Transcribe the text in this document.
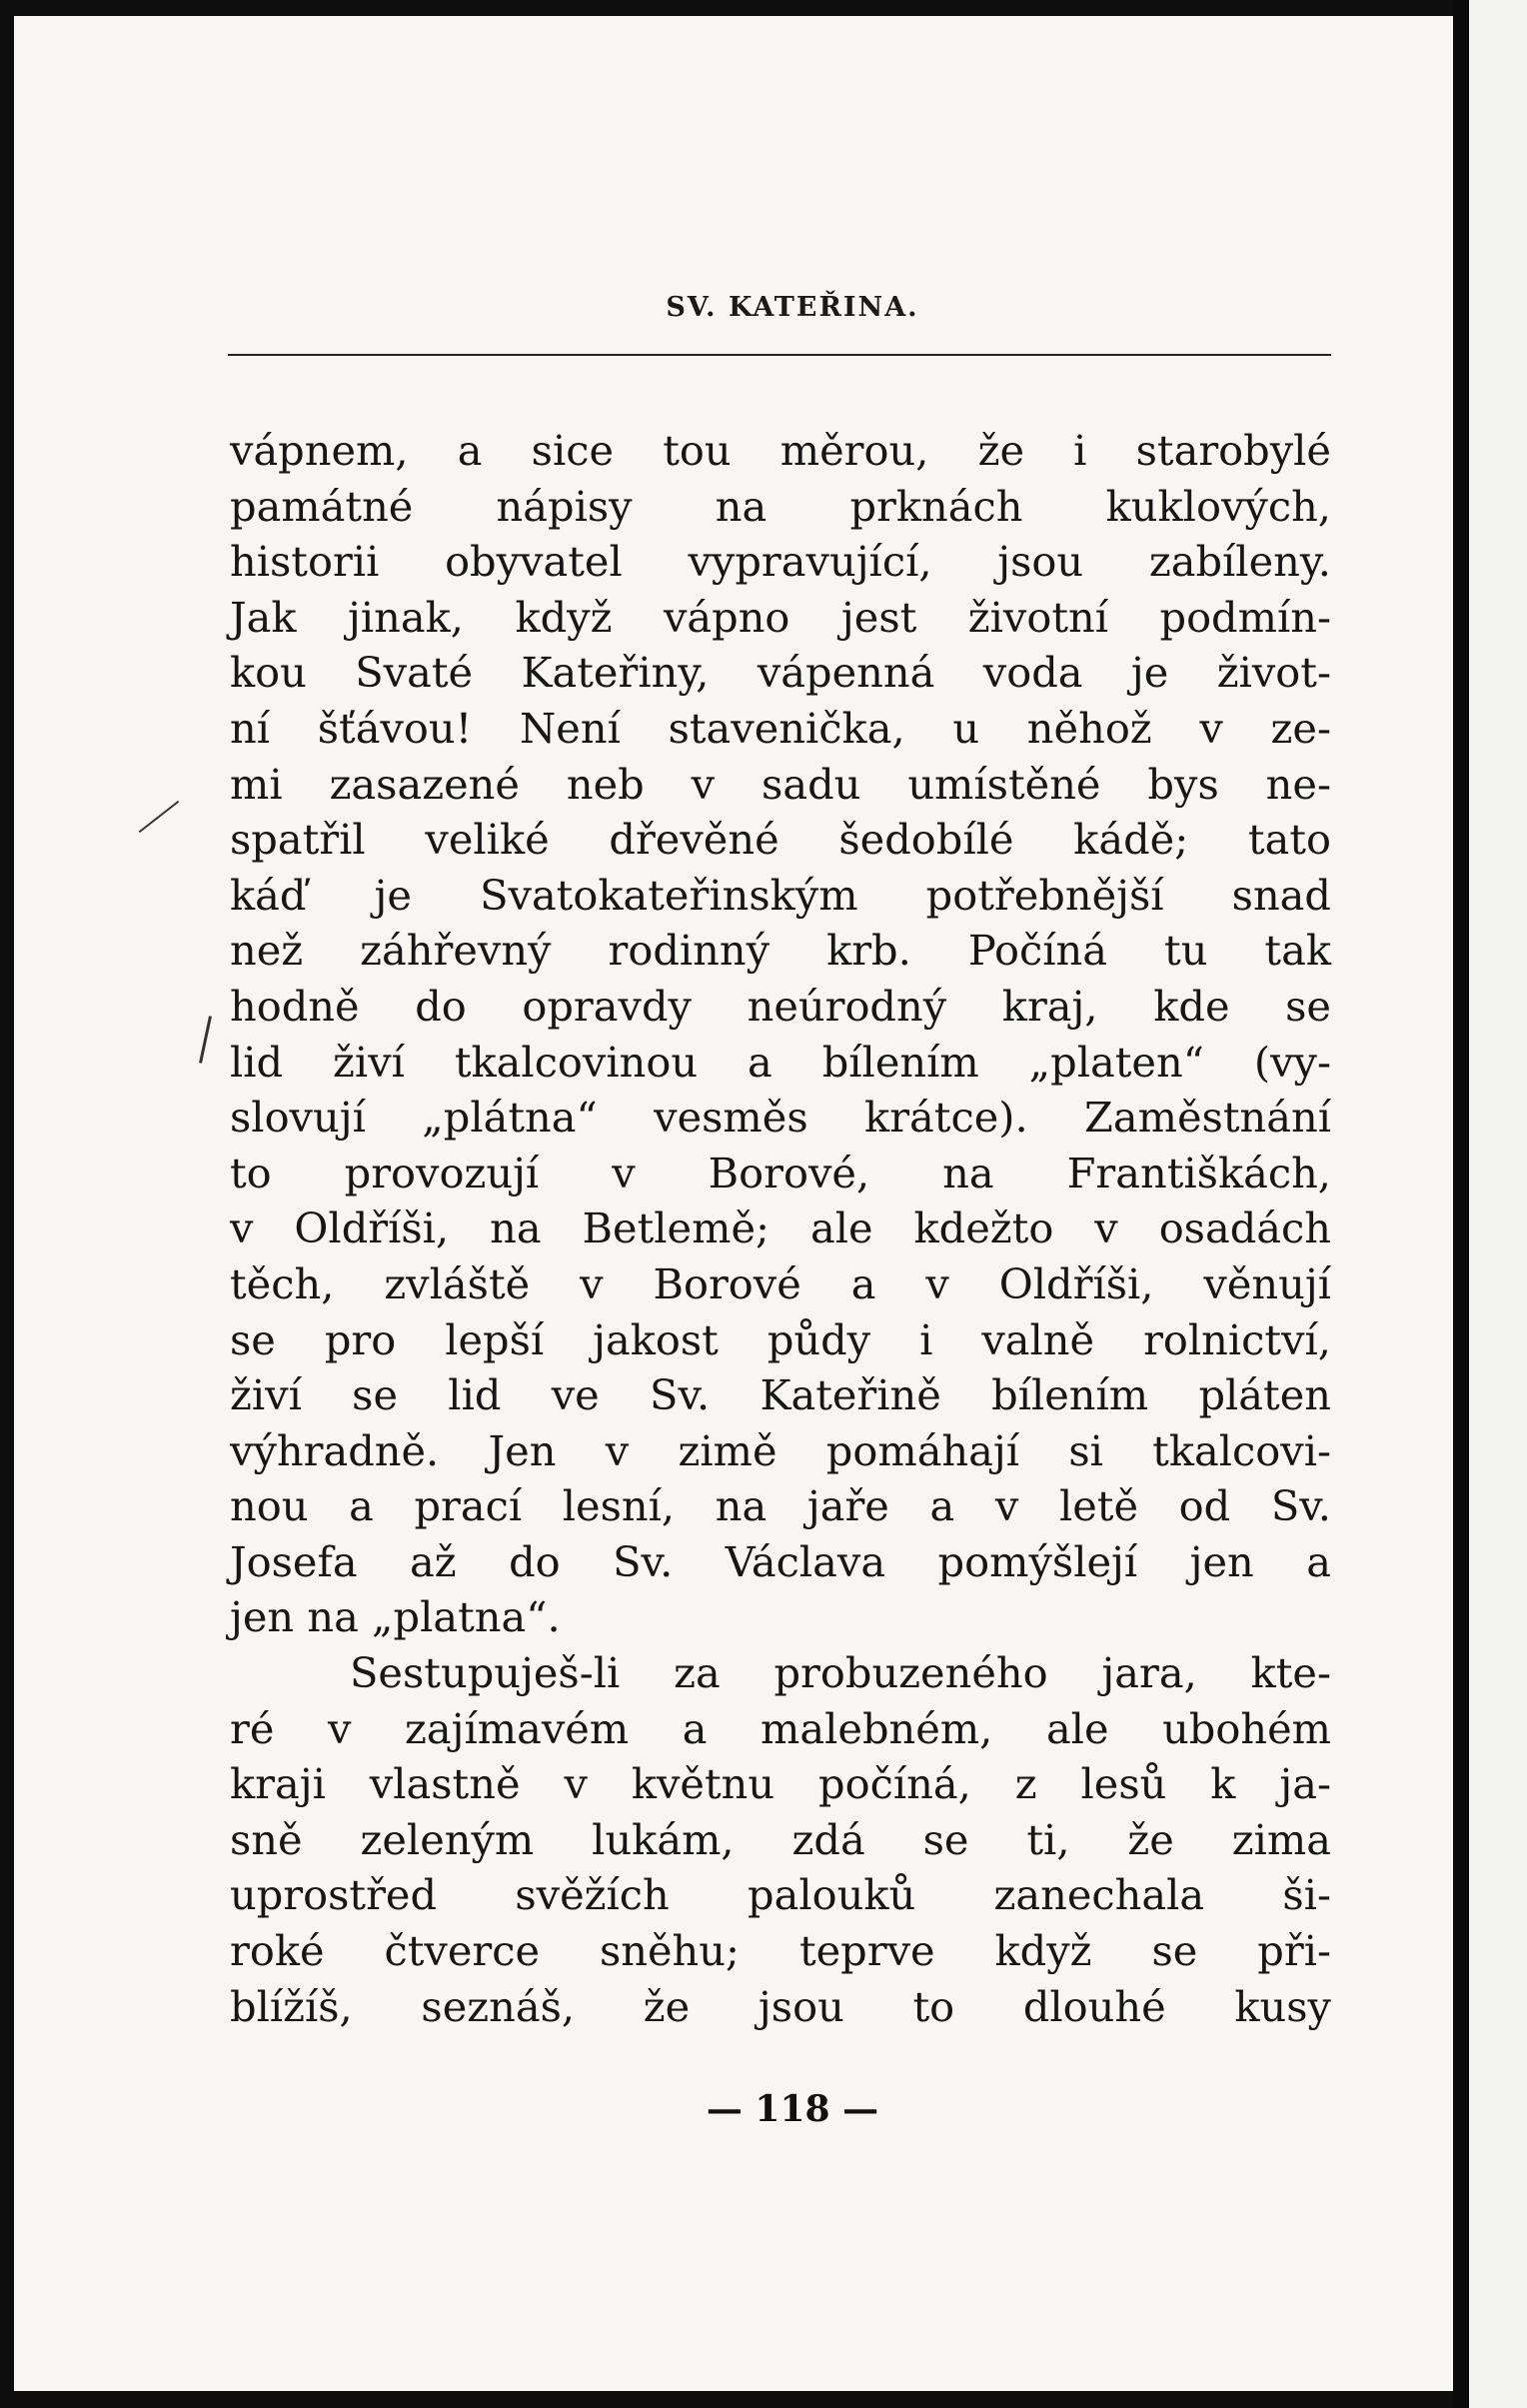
SV. KATEŘINA.
vápnem, a sice tou měrou, že i starobylé
památné nápisy na prknách kuklových,
historii obyvatel vypravující, jsou zabíleny.
Jak jinak, když vápno jest životní podmín-
kou Svaté Kateřiny, vápenná voda je život-
ní šťávou! Není stavenička, u něhož v ze-
mi zasazené neb v sadu umístěné bys ne-
spatřil veliké dřevěné šedobílé kádě; tato
káď je Svatokateřinským potřebnější snad
než záhřevný rodinný krb. Počíná tu tak
hodně do opravdy neúrodný kraj, kde se
lid živí tkalcovinou a bílením „platen“ (vy-
slovují „plátna“ vesměs krátce). Zaměstnání
to provozují v Borové, na Františkách,
v Oldříši, na Betlemě; ale kdežto v osadách
těch, zvláště v Borové a v Oldříši, věnují
se pro lepší jakost půdy i valně rolnictví,
živí se lid ve Sv. Kateřině bílením pláten
výhradně. Jen v zimě pomáhají si tkalcovi-
nou a prací lesní, na jaře a v letě od Sv.
Josefa až do Sv. Václava pomýšlejí jen a
jen na „platna“.
Sestupuješ-li za probuzeného jara, kte-
ré v zajímavém a malebném, ale ubohém
kraji vlastně v květnu počíná, z lesů k ja-
sně zeleným lukám, zdá se ti, že zima
uprostřed svěžích palouků zanechala ši-
roké čtverce sněhu; teprve když se při-
blížíš, seznáš, že jsou to dlouhé kusy
— 118 —
